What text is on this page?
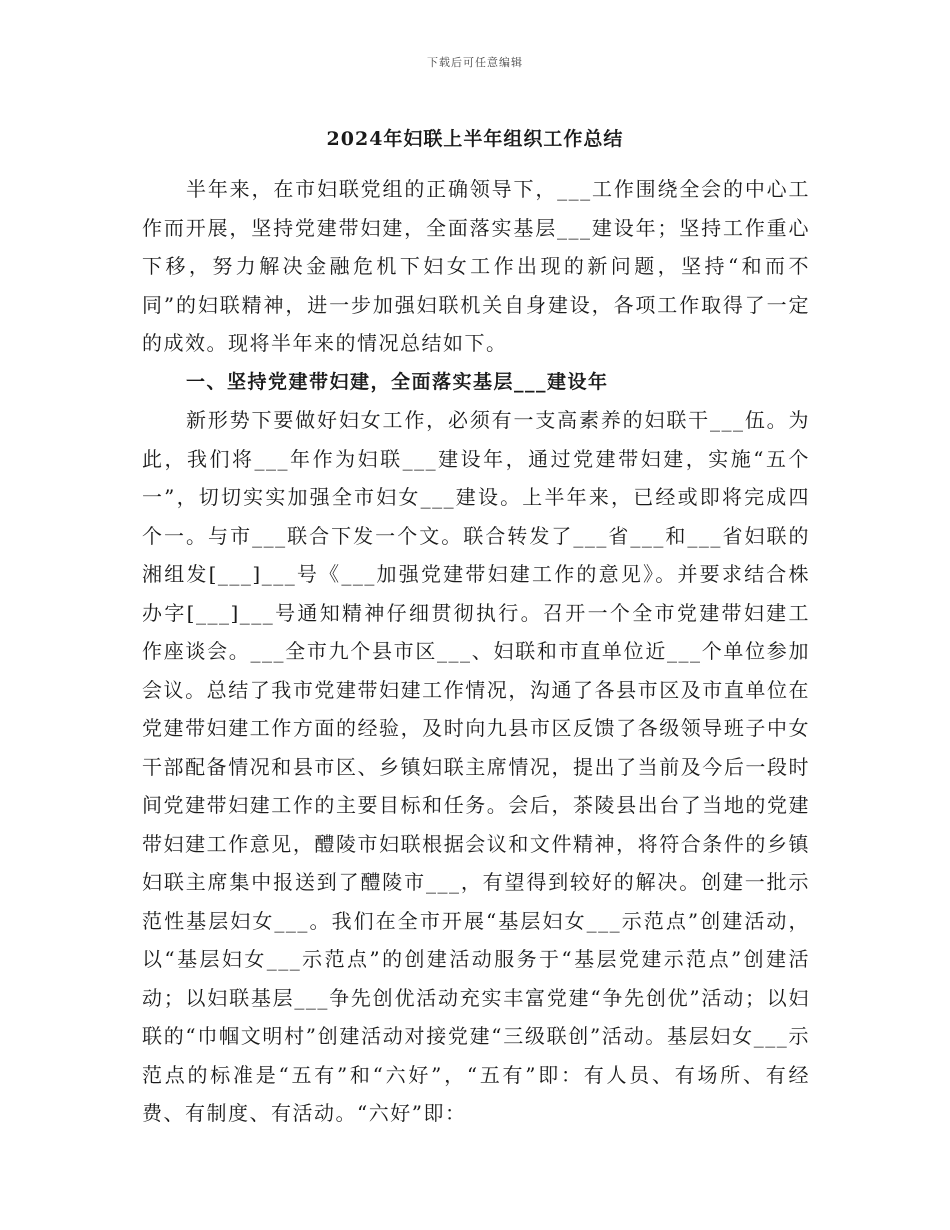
下载后可任意编辑
2024年妇联上半年组织工作总结

半年来，在市妇联党组的正确领导下，___工作围绕全会的中心工作而开展，坚持党建带妇建，全面落实基层___建设年；坚持工作重心下移，努力解决金融危机下妇女工作出现的新问题，坚持“和而不同”的妇联精神，进一步加强妇联机关自身建设，各项工作取得了一定的成效。现将半年来的情况总结如下。

一、坚持党建带妇建，全面落实基层___建设年

新形势下要做好妇女工作，必须有一支高素养的妇联干___伍。为此，我们将___年作为妇联___建设年，通过党建带妇建，实施“五个一”，切切实实加强全市妇女___建设。上半年来，已经或即将完成四个一。与市___联合下发一个文。联合转发了___省___和___省妇联的湘组发[___]___号《___加强党建带妇建工作的意见》。并要求结合株办字[___]___号通知精神仔细贯彻执行。召开一个全市党建带妇建工作座谈会。___全市九个县市区___、妇联和市直单位近___个单位参加会议。总结了我市党建带妇建工作情况，沟通了各县市区及市直单位在党建带妇建工作方面的经验，及时向九县市区反馈了各级领导班子中女干部配备情况和县市区、乡镇妇联主席情况，提出了当前及今后一段时间党建带妇建工作的主要目标和任务。会后，茶陵县出台了当地的党建带妇建工作意见，醴陵市妇联根据会议和文件精神，将符合条件的乡镇妇联主席集中报送到了醴陵市___，有望得到较好的解决。创建一批示范性基层妇女___。我们在全市开展“基层妇女___示范点”创建活动，以“基层妇女___示范点”的创建活动服务于“基层党建示范点”创建活动；以妇联基层___争先创优活动充实丰富党建“争先创优”活动；以妇联的“巾帼文明村”创建活动对接党建“三级联创”活动。基层妇女___示范点的标准是“五有”和“六好”，“五有”即：有人员、有场所、有经费、有制度、有活动。“六好”即：
